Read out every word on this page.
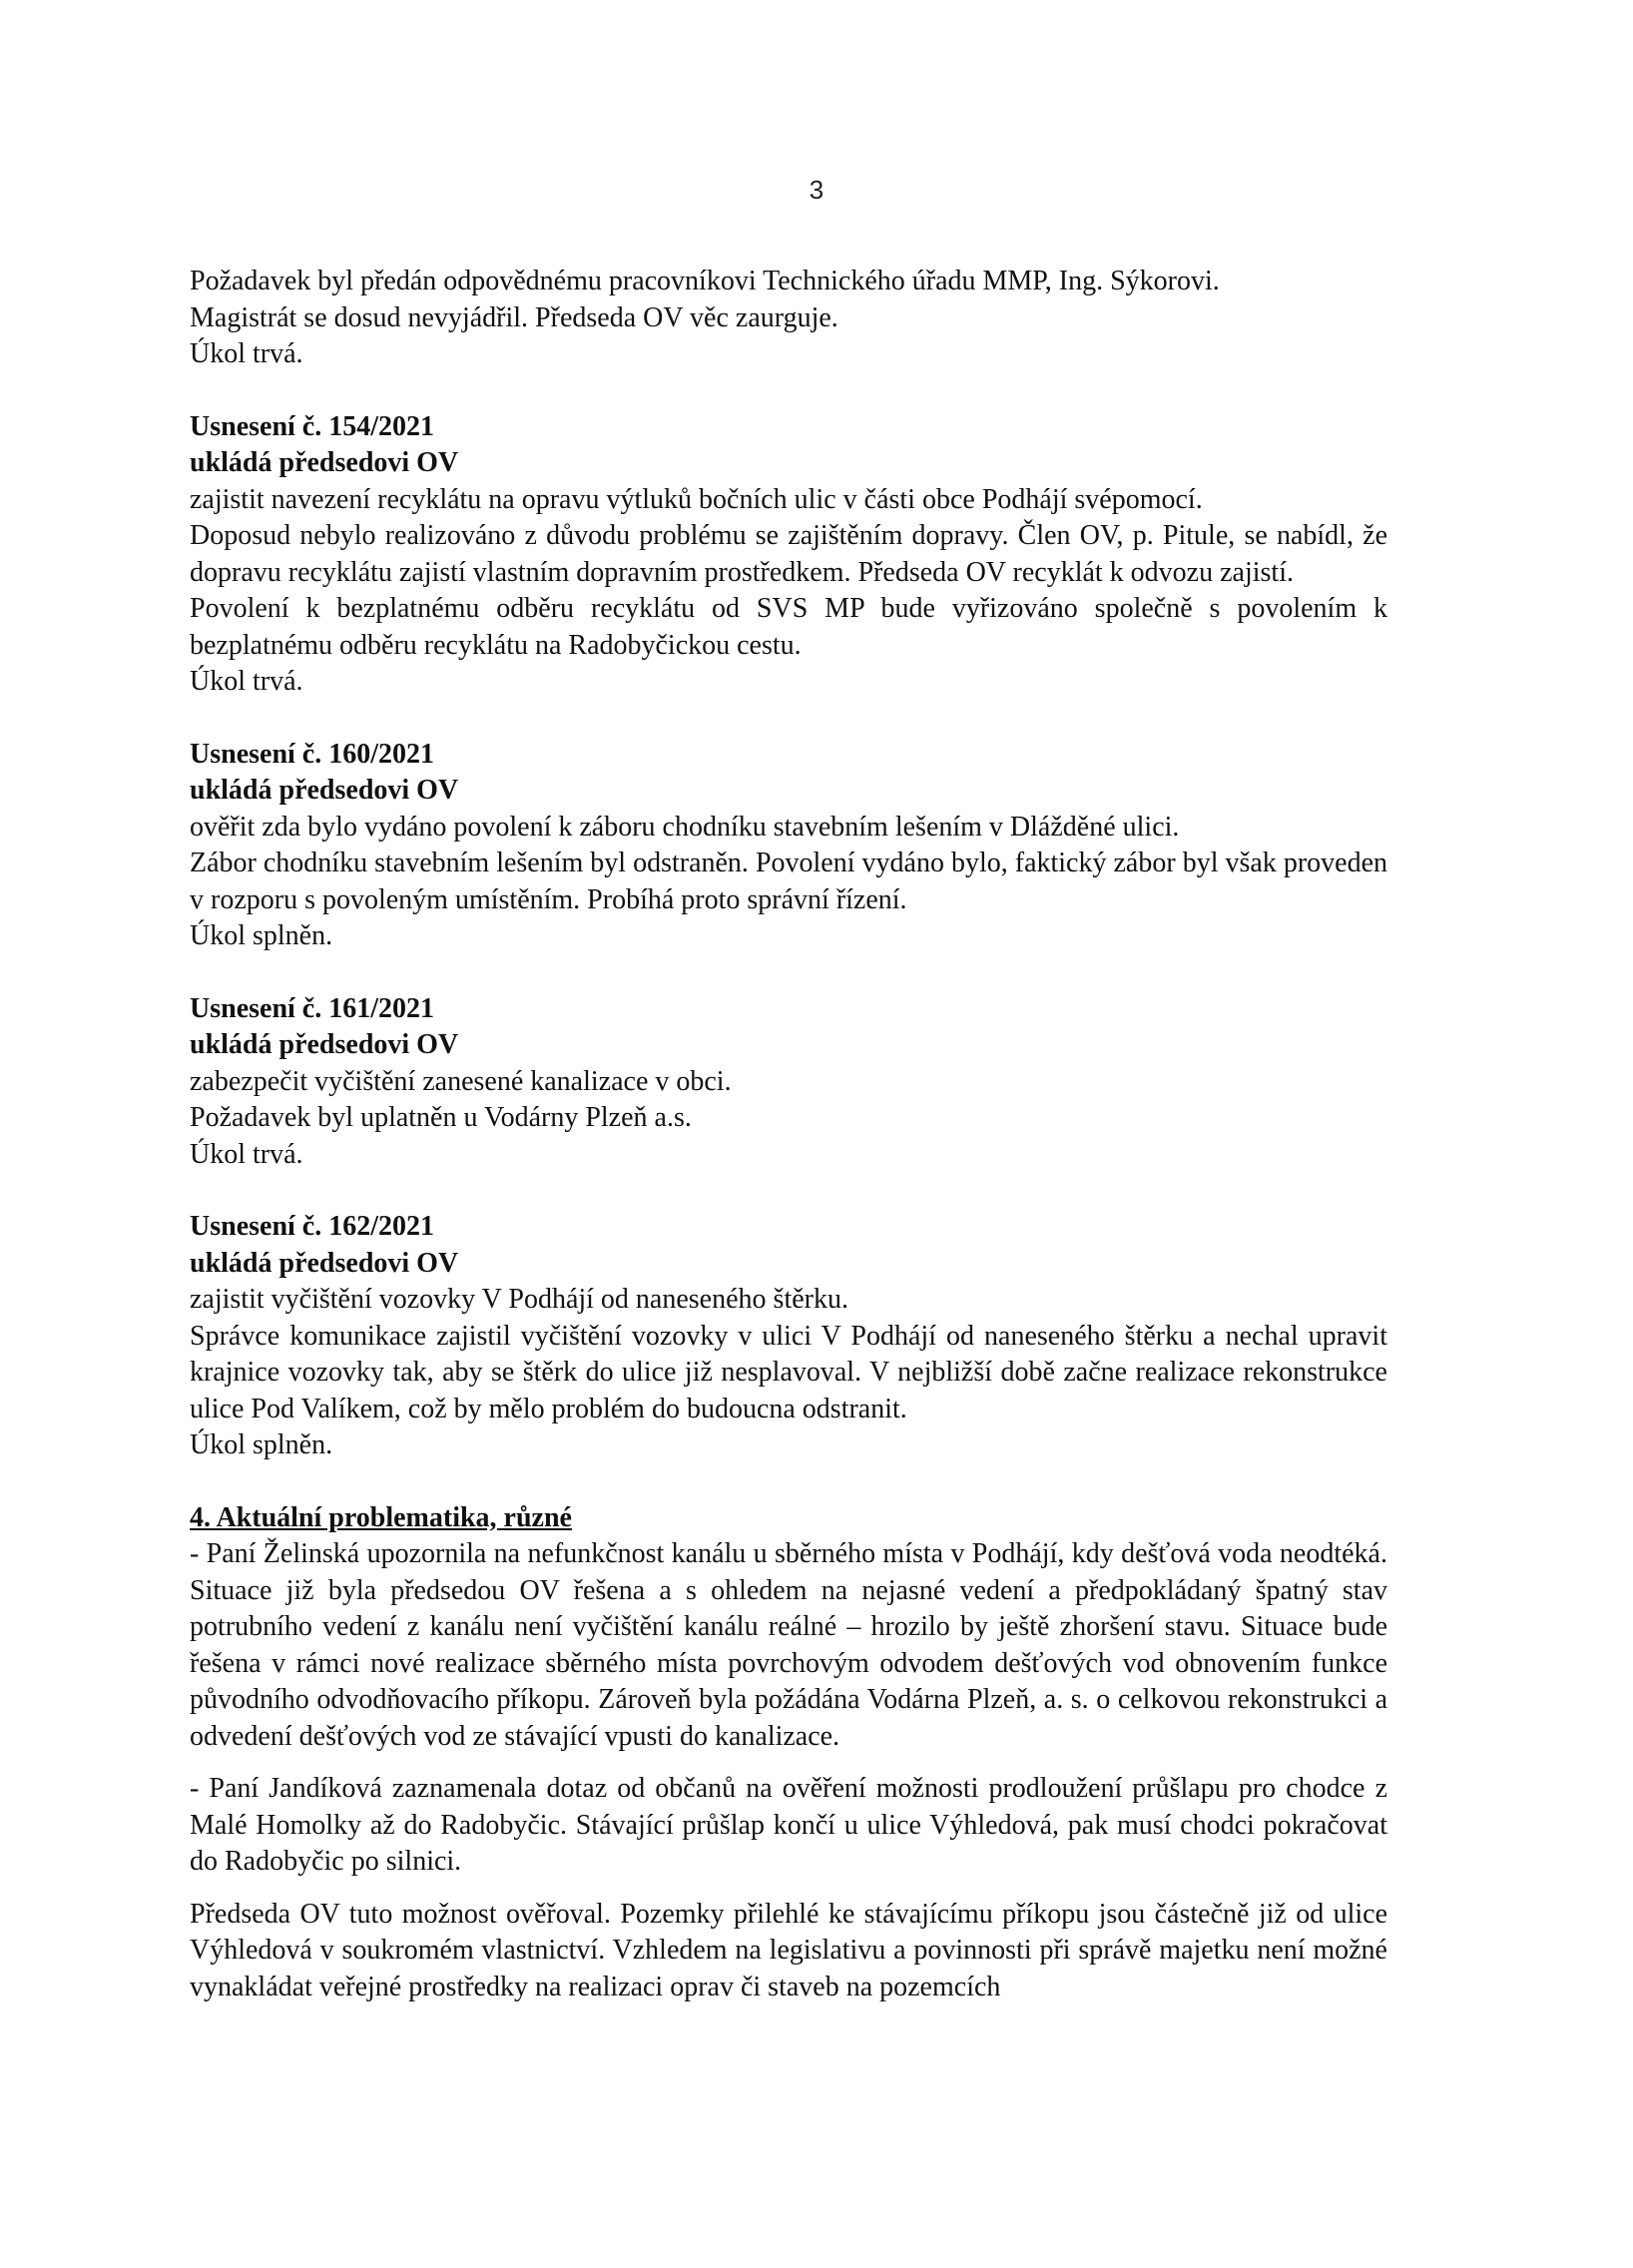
3

Požadavek byl předán odpovědnému pracovníkovi Technického úřadu MMP, Ing. Sýkorovi.

Magistrát se dosud nevyjádřil. Předseda OV věc zaurguje.

Úkol trvá.

Usnesení č. 154/2021

ukládá předsedovi OV

zajistit navezení recyklátu na opravu výtluků bočních ulic v části obce Podhájí svépomocí.

Doposud nebylo realizováno z důvodu problému se zajištěním dopravy. Člen OV, p. Pitule, se nabídl, že dopravu recyklátu zajistí vlastním dopravním prostředkem. Předseda OV recyklát k odvozu zajistí.

Povolení k bezplatnému odběru recyklátu od SVS MP bude vyřizováno společně s povolením k bezplatnému odběru recyklátu na Radobyčickou cestu.

Úkol trvá.

Usnesení č. 160/2021

ukládá předsedovi OV

ověřit zda bylo vydáno povolení k záboru chodníku stavebním lešením v Dlážděné ulici.

Zábor chodníku stavebním lešením byl odstraněn. Povolení vydáno bylo, faktický zábor byl však proveden v rozporu s povoleným umístěním. Probíhá proto správní řízení.

Úkol splněn.

Usnesení č. 161/2021

ukládá předsedovi OV

zabezpečit vyčištění zanesené kanalizace v obci.

Požadavek byl uplatněn u Vodárny Plzeň a.s.

Úkol trvá.

Usnesení č. 162/2021

ukládá předsedovi OV

zajistit vyčištění vozovky V Podhájí od naneseného štěrku.

Správce komunikace zajistil vyčištění vozovky v ulici V Podhájí od naneseného štěrku a nechal upravit krajnice vozovky tak, aby se štěrk do ulice již nesplavoval. V nejbližší době začne realizace rekonstrukce ulice Pod Valíkem, což by mělo problém do budoucna odstranit.

Úkol splněn.

4. Aktuální problematika, různé

- Paní Želinská upozornila na nefunkčnost kanálu u sběrného místa v Podhájí, kdy dešťová voda neodtéká. Situace již byla předsedou OV řešena a s ohledem na nejasné vedení a předpokládaný špatný stav potrubního vedení z kanálu není vyčištění kanálu reálné – hrozilo by ještě zhoršení stavu. Situace bude řešena v rámci nové realizace sběrného místa povrchovým odvodem dešťových vod obnovením funkce původního odvodňovacího příkopu. Zároveň byla požádána Vodárna Plzeň, a. s. o celkovou rekonstrukci a odvedení dešťových vod ze stávající vpusti do kanalizace.

- Paní Jandíková zaznamenala dotaz od občanů na ověření možnosti prodloužení průšlapu pro chodce z Malé Homolky až do Radobyčic. Stávající průšlap končí u ulice Výhledová, pak musí chodci pokračovat do Radobyčic po silnici.

Předseda OV tuto možnost ověřoval. Pozemky přilehlé ke stávajícímu příkopu jsou částečně již od ulice Výhledová v soukromém vlastnictví. Vzhledem na legislativu a povinnosti při správě majetku není možné vynakládat veřejné prostředky na realizaci oprav či staveb na pozemcích
